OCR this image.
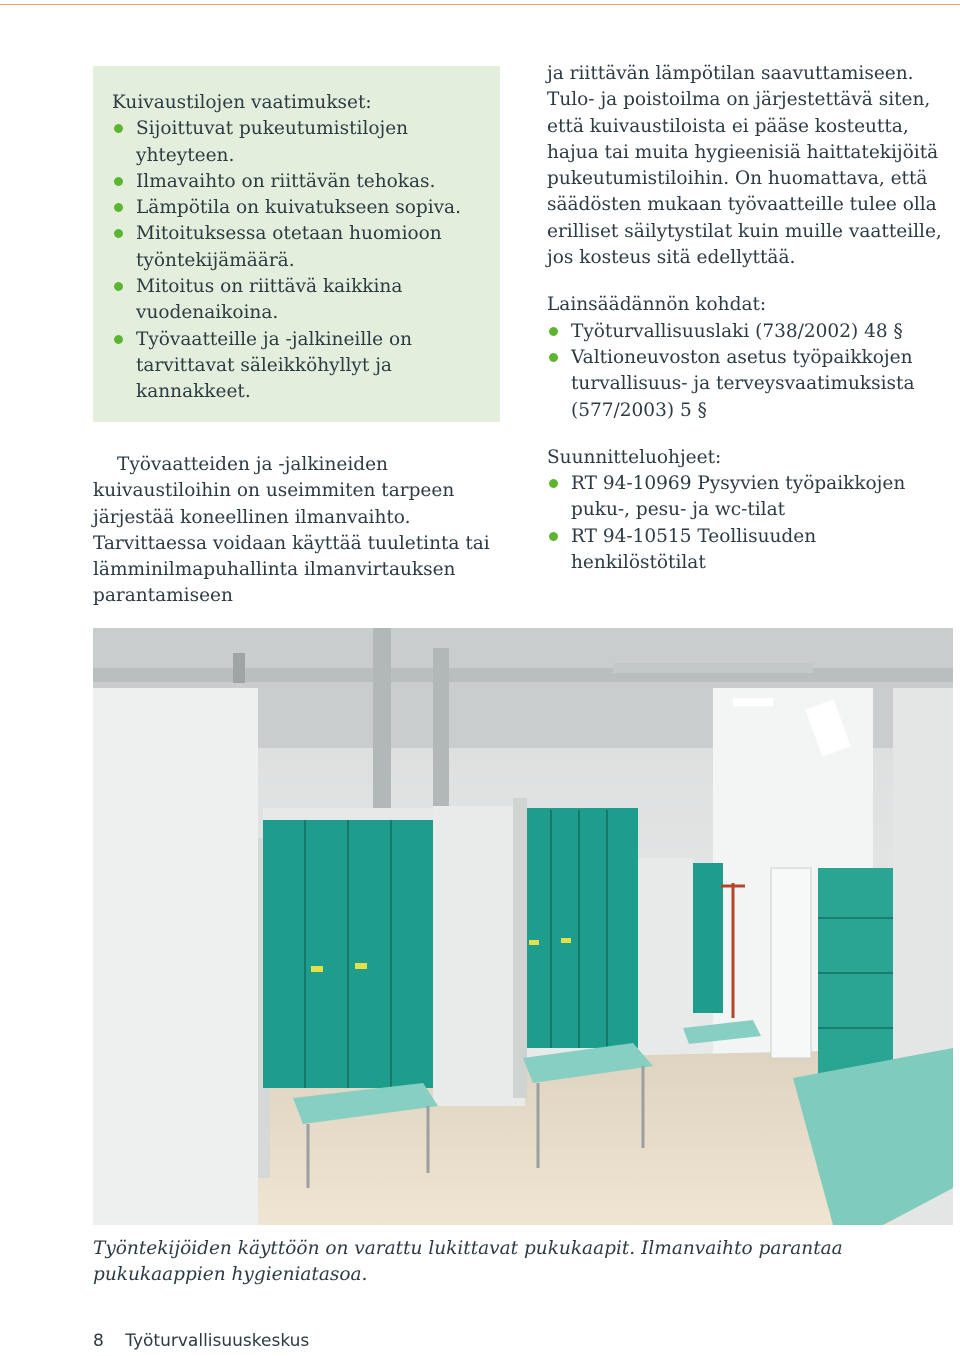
Kuivaustilojen vaatimukset:
Sijoittuvat pukeutumistilojen yhteyteen.
Ilmavaihto on riittävän tehokas.
Lämpötila on kuivatukseen sopiva.
Mitoituksessa otetaan huomioon työntekijämäärä.
Mitoitus on riittävä kaikkina vuodenaikoina.
Työvaatteille ja -jalkineille on tarvittavat säleikköhyllyt ja kannakkeet.
Työvaatteiden ja -jalkineiden kuivaustiloihin on useimmiten tarpeen järjestää koneellinen ilmanvaihto. Tarvittaessa voidaan käyttää tuuletinta tai lämminilmapuhallinta ilmanvirtauksen parantamiseen

ja riittävän lämpötilan saavuttamiseen. Tulo- ja poistoilma on järjestettävä siten, että kuivaustiloista ei pääse kosteutta, hajua tai muita hygieenisiä haittatekijöitä pukeutumistiloihin. On huomattava, että säädösten mukaan työvaatteille tulee olla erilliset säilytystilat kuin muille vaatteille, jos kosteus sitä edellyttää.

Lainsäädännön kohdat:

Työturvallisuuslaki (738/2002) 48 §
Valtioneuvoston asetus työpaikkojen turvallisuus- ja terveysvaatimuksista (577/2003) 5 §

Suunnitteluohjeet:

RT 94-10969 Pysyvien työpaikkojen puku-, pesu- ja wc-tilat
RT 94-10515 Teollisuuden henkilöstötilat
Työntekijöiden käyttöön on varattu lukittavat pukukaapit. Ilmanvaihto parantaa pukukaappien hygieniatasoa.
8 Työturvallisuuskeskus
